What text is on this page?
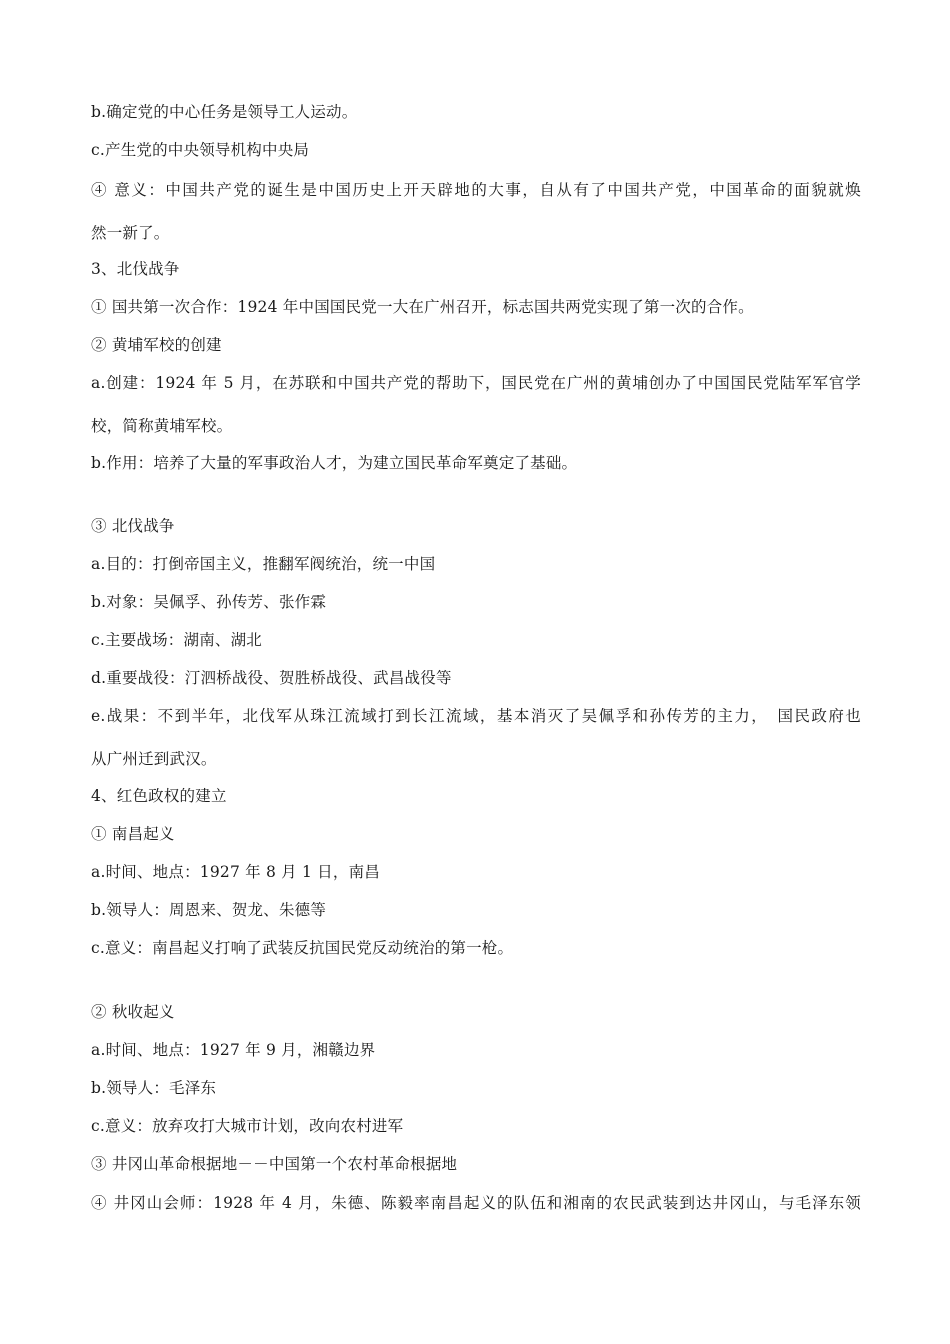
b.确定党的中心任务是领导工人运动。
c.产生党的中央领导机构中央局
④ 意义：中国共产党的诞生是中国历史上开天辟地的大事，自从有了中国共产党，中国革命的面貌就焕
然一新了。
3、北伐战争
① 国共第一次合作：1924 年中国国民党一大在广州召开，标志国共两党实现了第一次的合作。
② 黄埔军校的创建
a.创建：1924 年 5 月，在苏联和中国共产党的帮助下，国民党在广州的黄埔创办了中国国民党陆军军官学
校，简称黄埔军校。
b.作用：培养了大量的军事政治人才，为建立国民革命军奠定了基础。
③ 北伐战争
a.目的：打倒帝国主义，推翻军阀统治，统一中国
b.对象：吴佩孚、孙传芳、张作霖
c.主要战场：湖南、湖北
d.重要战役：汀泗桥战役、贺胜桥战役、武昌战役等
e.战果：不到半年，北伐军从珠江流域打到长江流域，基本消灭了吴佩孚和孙传芳的主力，　国民政府也
从广州迁到武汉。
4、红色政权的建立
① 南昌起义
a.时间、地点：1927 年 8 月 1 日，南昌
b.领导人：周恩来、贺龙、朱德等
c.意义：南昌起义打响了武装反抗国民党反动统治的第一枪。
② 秋收起义
a.时间、地点：1927 年 9 月，湘赣边界
b.领导人：毛泽东
c.意义：放弃攻打大城市计划，改向农村进军
③ 井冈山革命根据地－－中国第一个农村革命根据地
④ 井冈山会师：1928 年 4 月，朱德、陈毅率南昌起义的队伍和湘南的农民武装到达井冈山，与毛泽东领
